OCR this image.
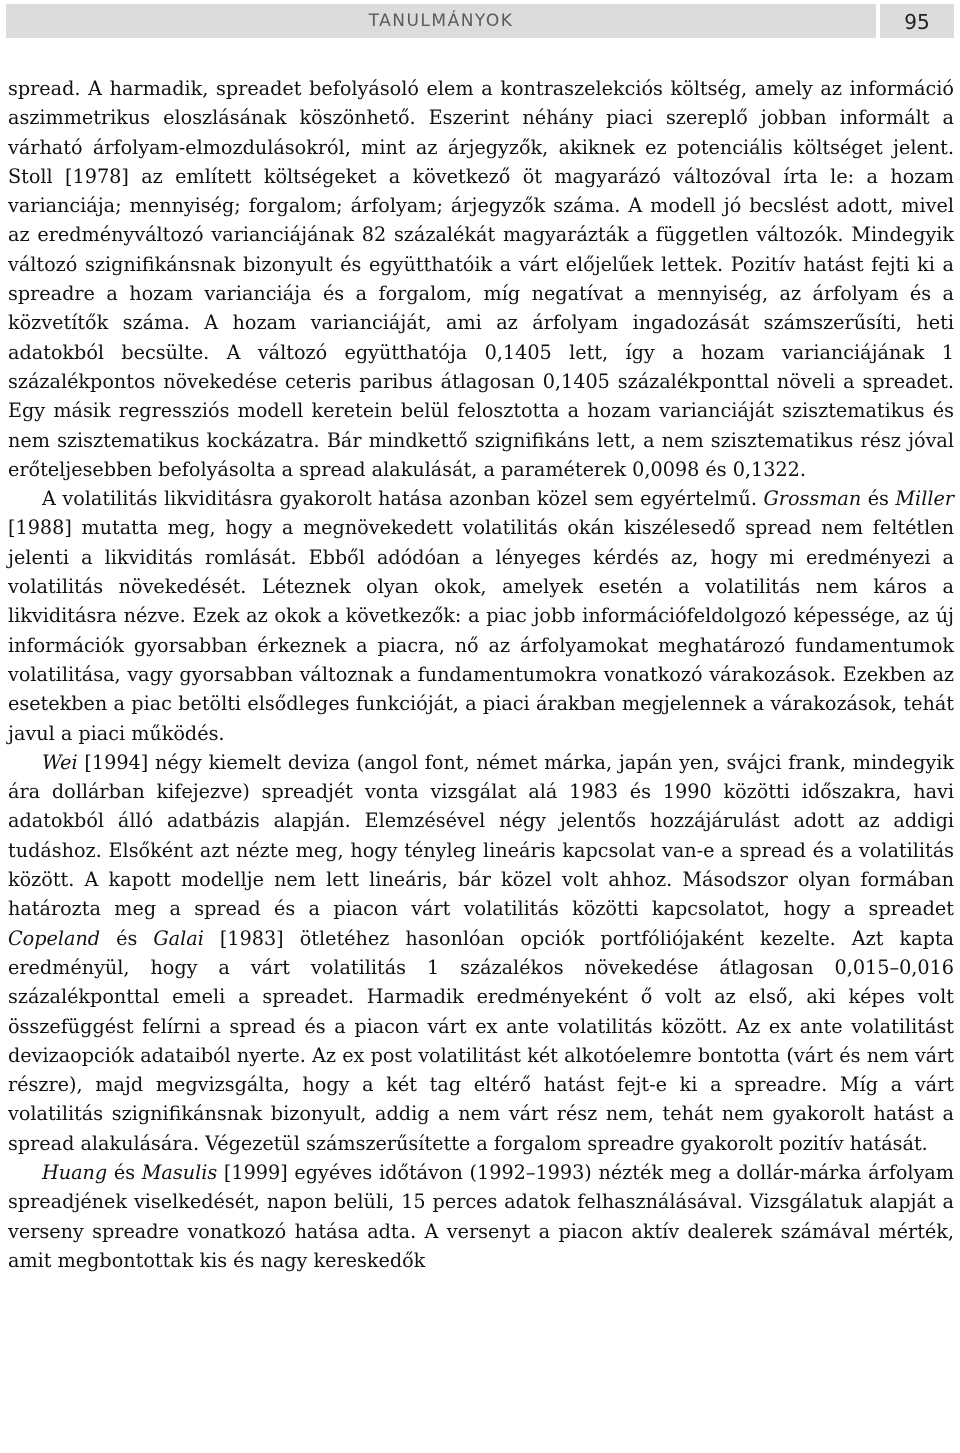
TANULMÁNYOK	95

spread. A harmadik, spreadet befolyásoló elem a kontraszelekciós költség, amely az információ aszimmetrikus eloszlásának köszönhető. Eszerint néhány piaci szereplő jobban informált a várható árfolyam-elmozdulásokról, mint az árjegyzők, akiknek ez potenciális költséget jelent. Stoll [1978] az említett költségeket a következő öt magyarázó változóval írta le: a hozam varianciája; mennyiség; forgalom; árfolyam; árjegyzők száma. A modell jó becslést adott, mivel az eredményváltozó varianciájának 82 százalékát magyarázták a független változók. Mindegyik változó szignifikánsnak bizonyult és együtthatóik a várt előjelűek lettek. Pozitív hatást fejti ki a spreadre a hozam varianciája és a forgalom, míg negatívat a mennyiség, az árfolyam és a közvetítők száma. A hozam varianciáját, ami az árfolyam ingadozását számszerűsíti, heti adatokból becsülte. A változó együtthatója 0,1405 lett, így a hozam varianciájának 1 százalékpontos növekedése ceteris paribus átlagosan 0,1405 százalékponttal növeli a spreadet. Egy másik regressziós modell keretein belül felosztotta a hozam varianciáját szisztematikus és nem szisztematikus kockázatra. Bár mindkettő szignifikáns lett, a nem szisztematikus rész jóval erőteljesebben befolyásolta a spread alakulását, a paraméterek 0,0098 és 0,1322.

A volatilitás likviditásra gyakorolt hatása azonban közel sem egyértelmű. Grossman és Miller [1988] mutatta meg, hogy a megnövekedett volatilitás okán kiszélesedő spread nem feltétlen jelenti a likviditás romlását. Ebből adódóan a lényeges kérdés az, hogy mi eredményezi a volatilitás növekedését. Léteznek olyan okok, amelyek esetén a volatilitás nem káros a likviditásra nézve. Ezek az okok a következők: a piac jobb információfeldolgozó képessége, az új információk gyorsabban érkeznek a piacra, nő az árfolyamokat meghatározó fundamentumok volatilitása, vagy gyorsabban változnak a fundamentumokra vonatkozó várakozások. Ezekben az esetekben a piac betölti elsődleges funkcióját, a piaci árakban megjelennek a várakozások, tehát javul a piaci működés.

Wei [1994] négy kiemelt deviza (angol font, német márka, japán yen, svájci frank, mindegyik ára dollárban kifejezve) spreadjét vonta vizsgálat alá 1983 és 1990 közötti időszakra, havi adatokból álló adatbázis alapján. Elemzésével négy jelentős hozzájárulást adott az addigi tudáshoz. Elsőként azt nézte meg, hogy tényleg lineáris kapcsolat van-e a spread és a volatilitás között. A kapott modellje nem lett lineáris, bár közel volt ahhoz. Másodszor olyan formában határozta meg a spread és a piacon várt volatilitás közötti kapcsolatot, hogy a spreadet Copeland és Galai [1983] ötletéhez hasonlóan opciók portfóliójaként kezelte. Azt kapta eredményül, hogy a várt volatilitás 1 százalékos növekedése átlagosan 0,015–0,016 százalékponttal emeli a spreadet. Harmadik eredményeként ő volt az első, aki képes volt összefüggést felírni a spread és a piacon várt ex ante volatilitás között. Az ex ante volatilitást devizaopciók adataiból nyerte. Az ex post volatilitást két alkotóelemre bontotta (várt és nem várt részre), majd megvizsgálta, hogy a két tag eltérő hatást fejt-e ki a spreadre. Míg a várt volatilitás szignifikánsnak bizonyult, addig a nem várt rész nem, tehát nem gyakorolt hatást a spread alakulására. Végezetül számszerűsítette a forgalom spreadre gyakorolt pozitív hatását.

Huang és Masulis [1999] egyéves időtávon (1992–1993) nézték meg a dollár-márka árfolyam spreadjének viselkedését, napon belüli, 15 perces adatok felhasználásával. Vizsgálatuk alapját a verseny spreadre vonatkozó hatása adta. A versenyt a piacon aktív dealerek számával mérték, amit megbontottak kis és nagy kereskedők
